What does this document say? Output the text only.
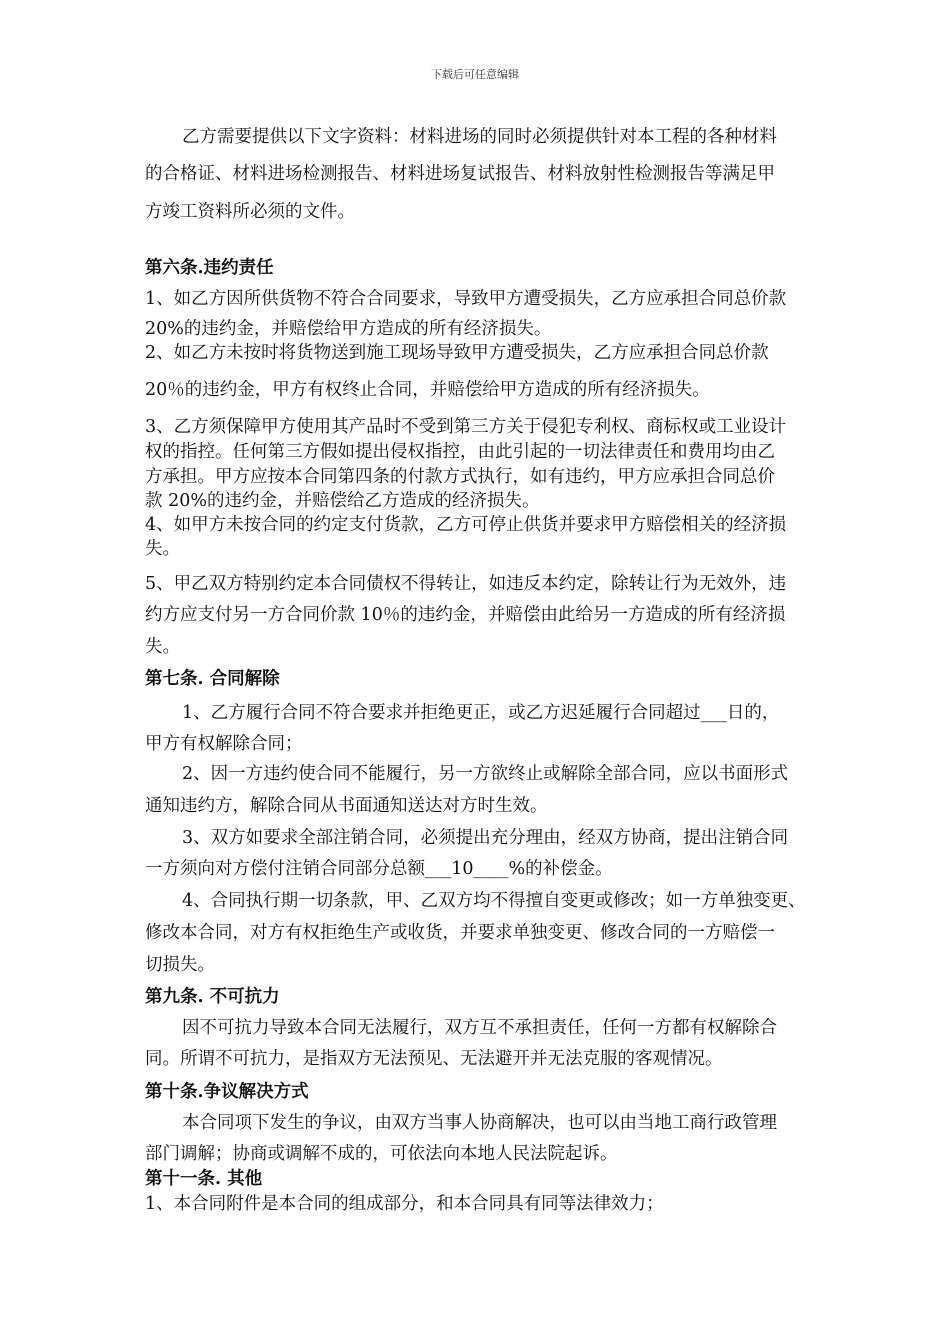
下载后可任意编辑
乙方需要提供以下文字资料：材料进场的同时必须提供针对本工程的各种材料
的合格证、材料进场检测报告、材料进场复试报告、材料放射性检测报告等满足甲
方竣工资料所必须的文件。
第六条.违约责任
1、如乙方因所供货物不符合合同要求，导致甲方遭受损失，乙方应承担合同总价款
20%的违约金，并赔偿给甲方造成的所有经济损失。
2、如乙方未按时将货物送到施工现场导致甲方遭受损失，乙方应承担合同总价款
20％的违约金，甲方有权终止合同，并赔偿给甲方造成的所有经济损失。
3、乙方须保障甲方使用其产品时不受到第三方关于侵犯专利权、商标权或工业设计
权的指控。任何第三方假如提出侵权指控，由此引起的一切法律责任和费用均由乙
方承担。甲方应按本合同第四条的付款方式执行，如有违约，甲方应承担合同总价
款 20%的违约金，并赔偿给乙方造成的经济损失。
4、如甲方未按合同的约定支付货款，乙方可停止供货并要求甲方赔偿相关的经济损
失。
5、甲乙双方特别约定本合同债权不得转让，如违反本约定，除转让行为无效外，违
约方应支付另一方合同价款 10％的违约金，并赔偿由此给另一方造成的所有经济损
失。
第七条. 合同解除
1、乙方履行合同不符合要求并拒绝更正，或乙方迟延履行合同超过___日的，
甲方有权解除合同；
2、因一方违约使合同不能履行，另一方欲终止或解除全部合同，应以书面形式
通知违约方，解除合同从书面通知送达对方时生效。
3、双方如要求全部注销合同，必须提出充分理由，经双方协商，提出注销合同
一方须向对方偿付注销合同部分总额___10____%的补偿金。
4、合同执行期一切条款，甲、乙双方均不得擅自变更或修改；如一方单独变更、
修改本合同，对方有权拒绝生产或收货，并要求单独变更、修改合同的一方赔偿一
切损失。
第九条. 不可抗力
因不可抗力导致本合同无法履行，双方互不承担责任，任何一方都有权解除合
同。所谓不可抗力，是指双方无法预见、无法避开并无法克服的客观情况。
第十条.争议解决方式
本合同项下发生的争议，由双方当事人协商解决，也可以由当地工商行政管理
部门调解；协商或调解不成的，可依法向本地人民法院起诉。
第十一条. 其他
1、本合同附件是本合同的组成部分，和本合同具有同等法律效力；
